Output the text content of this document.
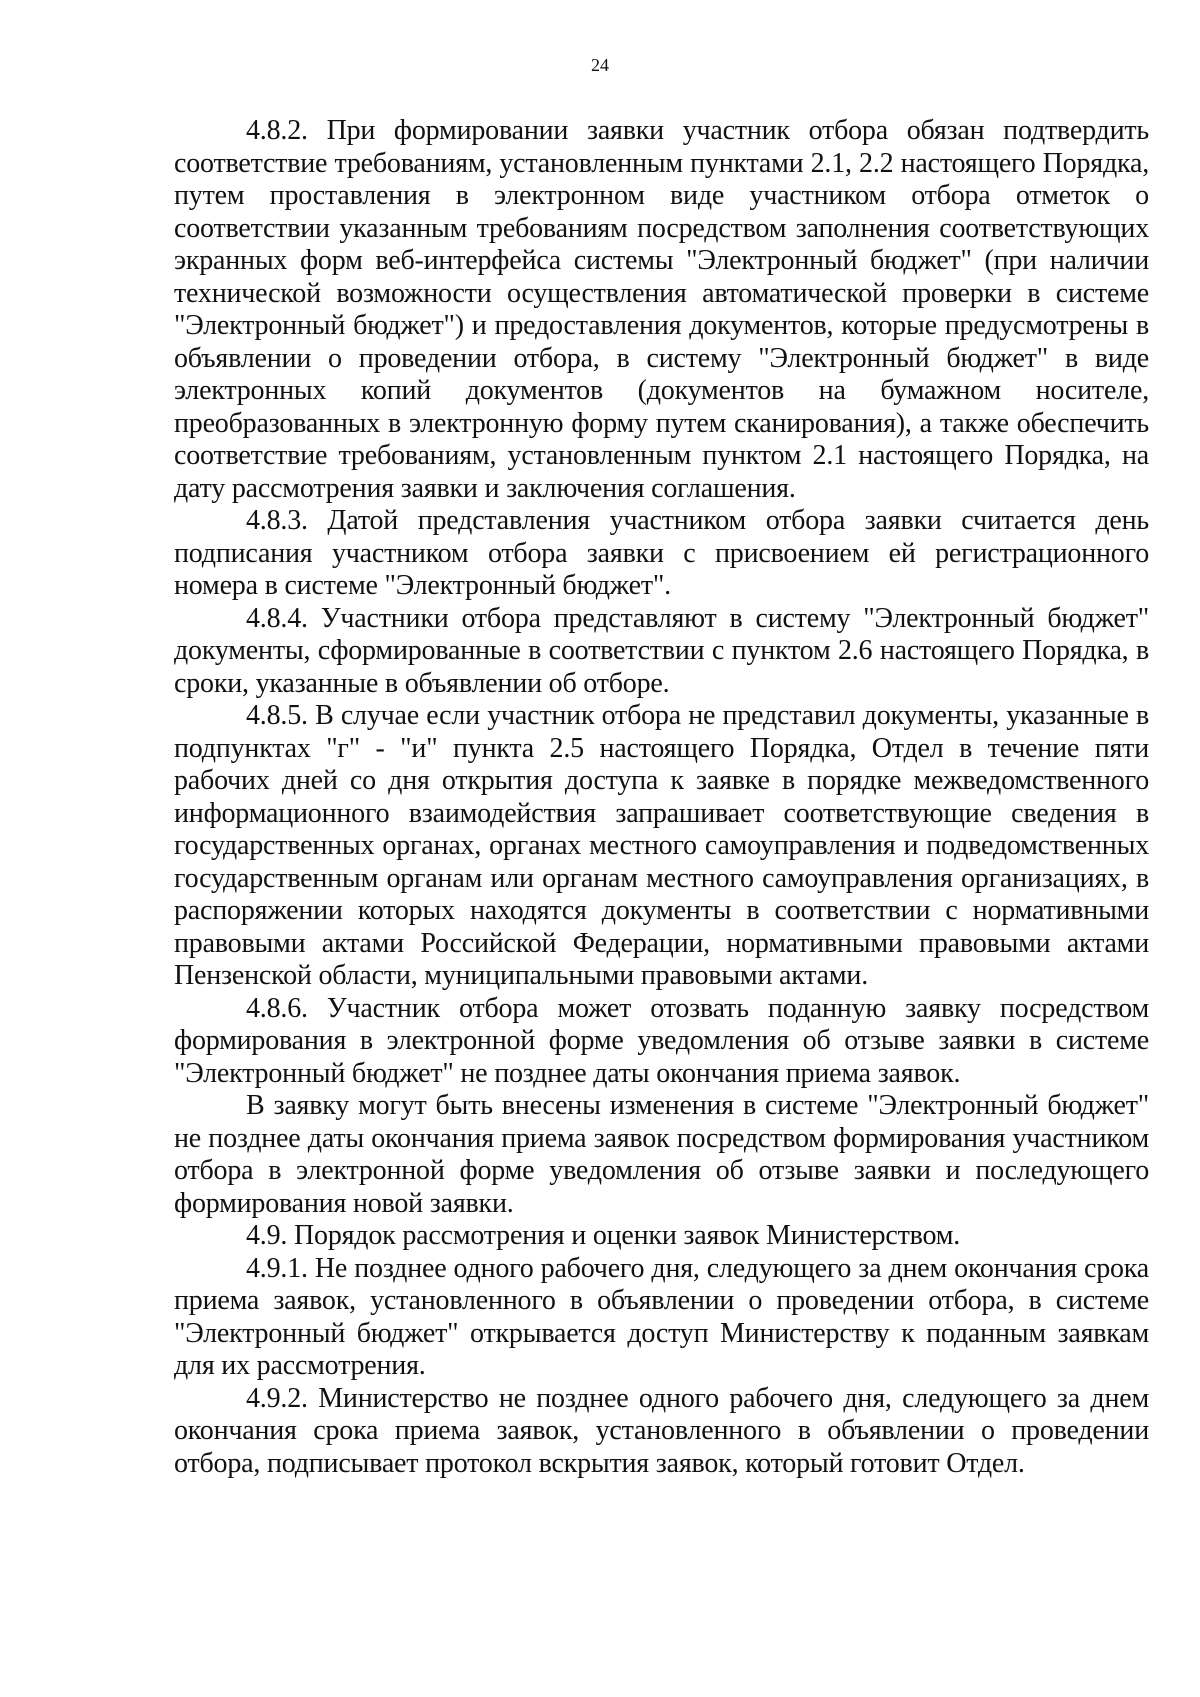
24

4.8.2. При формировании заявки участник отбора обязан подтвердить соответствие требованиям, установленным пунктами 2.1, 2.2 настоящего Порядка, путем проставления в электронном виде участником отбора отметок о соответствии указанным требованиям посредством заполнения соответствующих экранных форм веб-интерфейса системы "Электронный бюджет" (при наличии технической возможности осуществления автоматической проверки в системе "Электронный бюджет") и предоставления документов, которые предусмотрены в объявлении о проведении отбора, в систему "Электронный бюджет" в виде электронных копий документов (документов на бумажном носителе, преобразованных в электронную форму путем сканирования), а также обеспечить соответствие требованиям, установленным пунктом 2.1 настоящего Порядка, на дату рассмотрения заявки и заключения соглашения.

4.8.3. Датой представления участником отбора заявки считается день подписания участником отбора заявки с присвоением ей регистрационного номера в системе "Электронный бюджет".

4.8.4. Участники отбора представляют в систему "Электронный бюджет" документы, сформированные в соответствии с пунктом 2.6 настоящего Порядка, в сроки, указанные в объявлении об отборе.

4.8.5. В случае если участник отбора не представил документы, указанные в подпунктах "г" - "и" пункта 2.5 настоящего Порядка, Отдел в течение пяти рабочих дней со дня открытия доступа к заявке в порядке межведомственного информационного взаимодействия запрашивает соответствующие сведения в государственных органах, органах местного самоуправления и подведомственных государственным органам или органам местного самоуправления организациях, в распоряжении которых находятся документы в соответствии с нормативными правовыми актами Российской Федерации, нормативными правовыми актами Пензенской области, муниципальными правовыми актами.

4.8.6. Участник отбора может отозвать поданную заявку посредством формирования в электронной форме уведомления об отзыве заявки в системе "Электронный бюджет" не позднее даты окончания приема заявок.

В заявку могут быть внесены изменения в системе "Электронный бюджет" не позднее даты окончания приема заявок посредством формирования участником отбора в электронной форме уведомления об отзыве заявки и последующего формирования новой заявки.

4.9. Порядок рассмотрения и оценки заявок Министерством.

4.9.1. Не позднее одного рабочего дня, следующего за днем окончания срока приема заявок, установленного в объявлении о проведении отбора, в системе "Электронный бюджет" открывается доступ Министерству к поданным заявкам для их рассмотрения.

4.9.2. Министерство не позднее одного рабочего дня, следующего за днем окончания срока приема заявок, установленного в объявлении о проведении отбора, подписывает протокол вскрытия заявок, который готовит Отдел.
